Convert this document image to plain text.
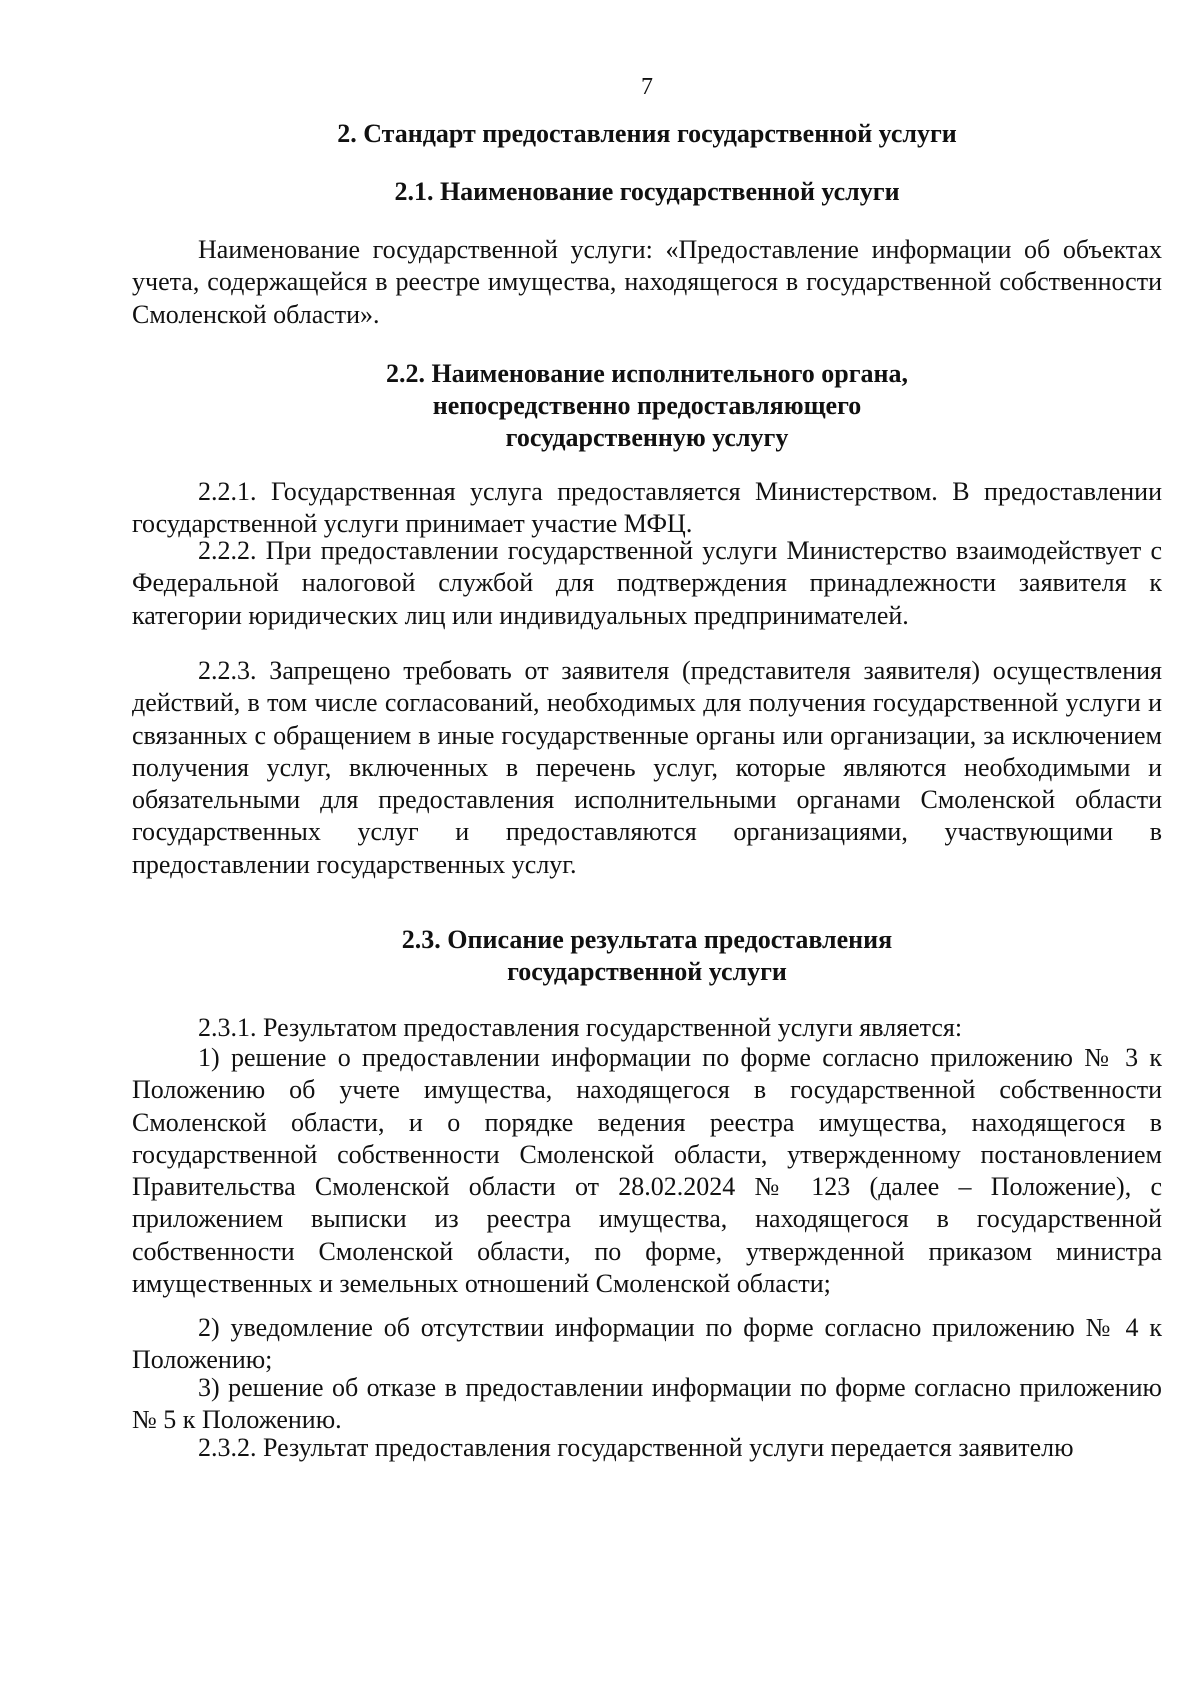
7
2. Стандарт предоставления государственной услуги
2.1. Наименование государственной услуги

Наименование государственной услуги: «Предоставление информации об объектах учета, содержащейся в реестре имущества, находящегося в государственной собственности Смоленской области».

2.2. Наименование исполнительного органа,
непосредственно предоставляющего
государственную услугу

2.2.1. Государственная услуга предоставляется Министерством. В предоставлении государственной услуги принимает участие МФЦ.

2.2.2. При предоставлении государственной услуги Министерство взаимодействует с Федеральной налоговой службой для подтверждения принадлежности заявителя к категории юридических лиц или индивидуальных предпринимателей.

2.2.3. Запрещено требовать от заявителя (представителя заявителя) осуществления действий, в том числе согласований, необходимых для получения государственной услуги и связанных с обращением в иные государственные органы или организации, за исключением получения услуг, включенных в перечень услуг, которые являются необходимыми и обязательными для предоставления исполнительными органами Смоленской области государственных услуг и предоставляются организациями, участвующими в предоставлении государственных услуг.

2.3. Описание результата предоставления
государственной услуги

2.3.1. Результатом предоставления государственной услуги является:

1) решение о предоставлении информации по форме согласно приложению № 3 к Положению об учете имущества, находящегося в государственной собственности Смоленской области, и о порядке ведения реестра имущества, находящегося в государственной собственности Смоленской области, утвержденному постановлением Правительства Смоленской области от 28.02.2024 № 123 (далее – Положение), с приложением выписки из реестра имущества, находящегося в государственной собственности Смоленской области, по форме, утвержденной приказом министра имущественных и земельных отношений Смоленской области;

2) уведомление об отсутствии информации по форме согласно приложению № 4 к Положению;

3) решение об отказе в предоставлении информации по форме согласно приложению № 5 к Положению.

2.3.2. Результат предоставления государственной услуги передается заявителю
